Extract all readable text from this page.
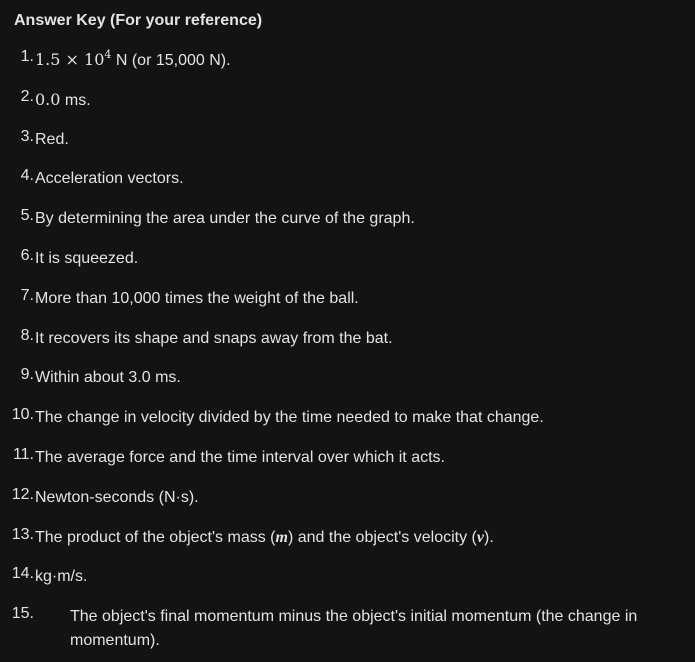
Answer Key (For your reference)
1. $1.5 \times 10^4$ N (or 15,000 N).
2. 0.0 ms.
3. Red.
4. Acceleration vectors.
5. By determining the area under the curve of the graph.
6. It is squeezed.
7. More than 10,000 times the weight of the ball.
8. It recovers its shape and snaps away from the bat.
9. Within about 3.0 ms.
10. The change in velocity divided by the time needed to make that change.
11. The average force and the time interval over which it acts.
12. Newton-seconds (N·s).
13. The product of the object's mass (m) and the object's velocity (v).
14. kg·m/s.
15. The object's final momentum minus the object's initial momentum (the change in momentum).
